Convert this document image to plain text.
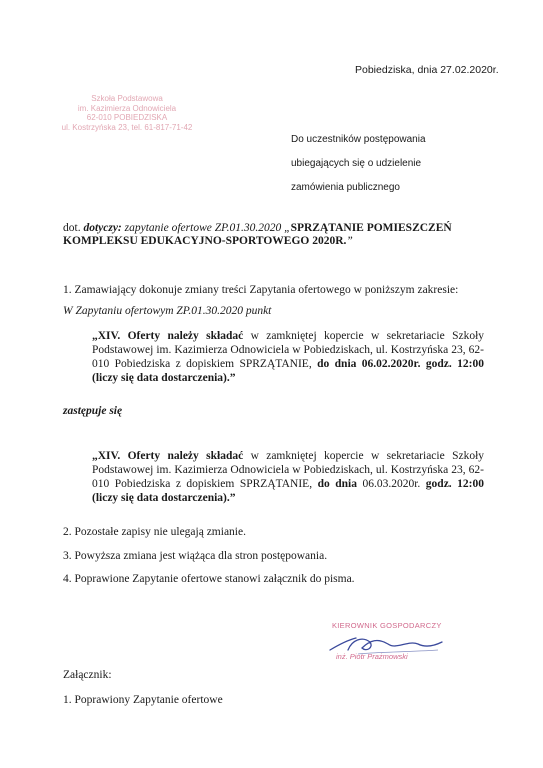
Pobiedziska, dnia 27.02.2020r.
Szkoła Podstawowa
im. Kazimierza Odnowiciela
62-010 POBIEDZISKA
ul. Kostrzyńska 23, tel. 61-817-71-42
Do uczestników postępowania
ubiegających się o udzielenie
zamówienia publicznego
dot. dotyczy: zapytanie ofertowe ZP.01.30.2020 „SPRZĄTANIE POMIESZCZEŃ KOMPLEKSU EDUKACYJNO-SPORTOWEGO 2020R.”
1. Zamawiający dokonuje zmiany treści Zapytania ofertowego w poniższym zakresie:
W Zapytaniu ofertowym ZP.01.30.2020 punkt
„XIV. Oferty należy składać w zamkniętej kopercie w sekretariacie Szkoły Podstawowej im. Kazimierza Odnowiciela w Pobiedziskach, ul. Kostrzyńska 23, 62-010 Pobiedziska z dopiskiem SPRZĄTANIE, do dnia 06.02.2020r. godz. 12:00 (liczy się data dostarczenia).”
zastępuje się
„XIV. Oferty należy składać w zamkniętej kopercie w sekretariacie Szkoły Podstawowej im. Kazimierza Odnowiciela w Pobiedziskach, ul. Kostrzyńska 23, 62-010 Pobiedziska z dopiskiem SPRZĄTANIE, do dnia 06.03.2020r. godz. 12:00 (liczy się data dostarczenia).”
2. Pozostałe zapisy nie ulegają zmianie.
3. Powyższa zmiana jest wiążąca dla stron postępowania.
4. Poprawione Zapytanie ofertowe stanowi załącznik do pisma.
KIEROWNIK GOSPODARCZY
inż. Piotr Prażmowski
Załącznik:
1. Poprawiony Zapytanie ofertowe
